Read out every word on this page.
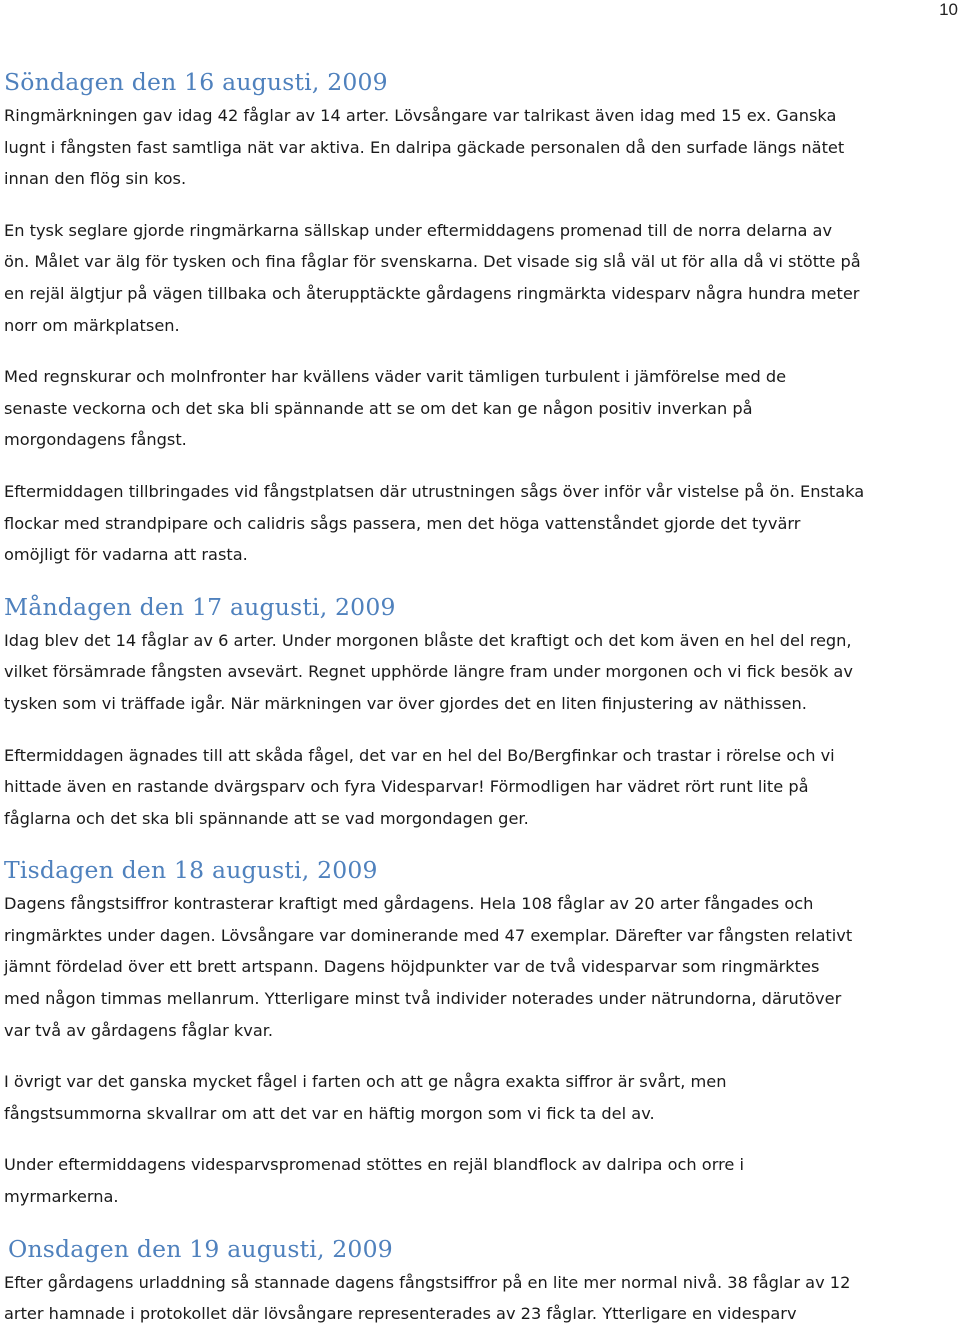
10
Söndagen den 16 augusti, 2009

Ringmärkningen gav idag 42 fåglar av 14 arter. Lövsångare var talrikast även idag med 15 ex. Ganska
lugnt i fångsten fast samtliga nät var aktiva. En dalripa gäckade personalen då den surfade längs nätet
innan den flög sin kos.

En tysk seglare gjorde ringmärkarna sällskap under eftermiddagens promenad till de norra delarna av
ön. Målet var älg för tysken och fina fåglar för svenskarna. Det visade sig slå väl ut för alla då vi stötte på
en rejäl älgtjur på vägen tillbaka och återupptäckte gårdagens ringmärkta videsparv några hundra meter
norr om märkplatsen.

Med regnskurar och molnfronter har kvällens väder varit tämligen turbulent i jämförelse med de
senaste veckorna och det ska bli spännande att se om det kan ge någon positiv inverkan på
morgondagens fångst.

Eftermiddagen tillbringades vid fångstplatsen där utrustningen sågs över inför vår vistelse på ön. Enstaka
flockar med strandpipare och calidris sågs passera, men det höga vattenståndet gjorde det tyvärr
omöjligt för vadarna att rasta.

Måndagen den 17 augusti, 2009

Idag blev det 14 fåglar av 6 arter. Under morgonen blåste det kraftigt och det kom även en hel del regn,
vilket försämrade fångsten avsevärt. Regnet upphörde längre fram under morgonen och vi fick besök av
tysken som vi träffade igår. När märkningen var över gjordes det en liten finjustering av näthissen.

Eftermiddagen ägnades till att skåda fågel, det var en hel del Bo/Bergfinkar och trastar i rörelse och vi
hittade även en rastande dvärgsparv och fyra Videsparvar! Förmodligen har vädret rört runt lite på
fåglarna och det ska bli spännande att se vad morgondagen ger.

Tisdagen den 18 augusti, 2009

Dagens fångstsiffror kontrasterar kraftigt med gårdagens. Hela 108 fåglar av 20 arter fångades och
ringmärktes under dagen. Lövsångare var dominerande med 47 exemplar. Därefter var fångsten relativt
jämnt fördelad över ett brett artspann. Dagens höjdpunkter var de två videsparvar som ringmärktes
med någon timmas mellanrum. Ytterligare minst två individer noterades under nätrundorna, därutöver
var två av gårdagens fåglar kvar.

I övrigt var det ganska mycket fågel i farten och att ge några exakta siffror är svårt, men
fångstsummorna skvallrar om att det var en häftig morgon som vi fick ta del av.

Under eftermiddagens videsparvspromenad stöttes en rejäl blandflock av dalripa och orre i
myrmarkerna.

Onsdagen den 19 augusti, 2009

Efter gårdagens urladdning så stannade dagens fångstsiffror på en lite mer normal nivå. 38 fåglar av 12
arter hamnade i protokollet där lövsångare representerades av 23 fåglar. Ytterligare en videsparv
